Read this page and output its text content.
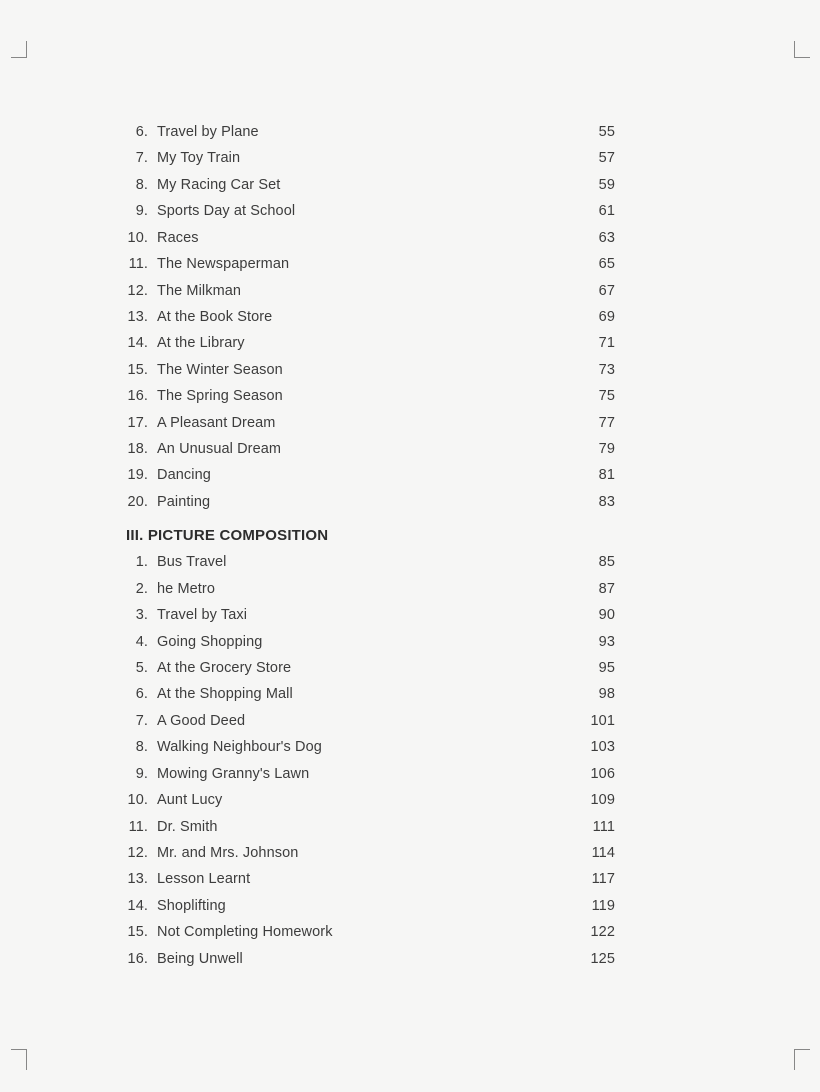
6. Travel by Plane	55
7. My Toy Train	57
8. My Racing Car Set	59
9. Sports Day at School	61
10. Races	63
11. The Newspaperman	65
12. The Milkman	67
13. At the Book Store	69
14. At the Library	71
15. The Winter Season	73
16. The Spring Season	75
17. A Pleasant Dream	77
18. An Unusual Dream	79
19. Dancing	81
20. Painting	83
III. PICTURE COMPOSITION
1. Bus Travel	85
2. he Metro	87
3. Travel by Taxi	90
4. Going Shopping	93
5. At the Grocery Store	95
6. At the Shopping Mall	98
7. A Good Deed	101
8. Walking Neighbour's Dog	103
9. Mowing Granny's Lawn	106
10. Aunt Lucy	109
11. Dr. Smith	111
12. Mr. and Mrs. Johnson	114
13. Lesson Learnt	117
14. Shoplifting	119
15. Not Completing Homework	122
16. Being Unwell	125
